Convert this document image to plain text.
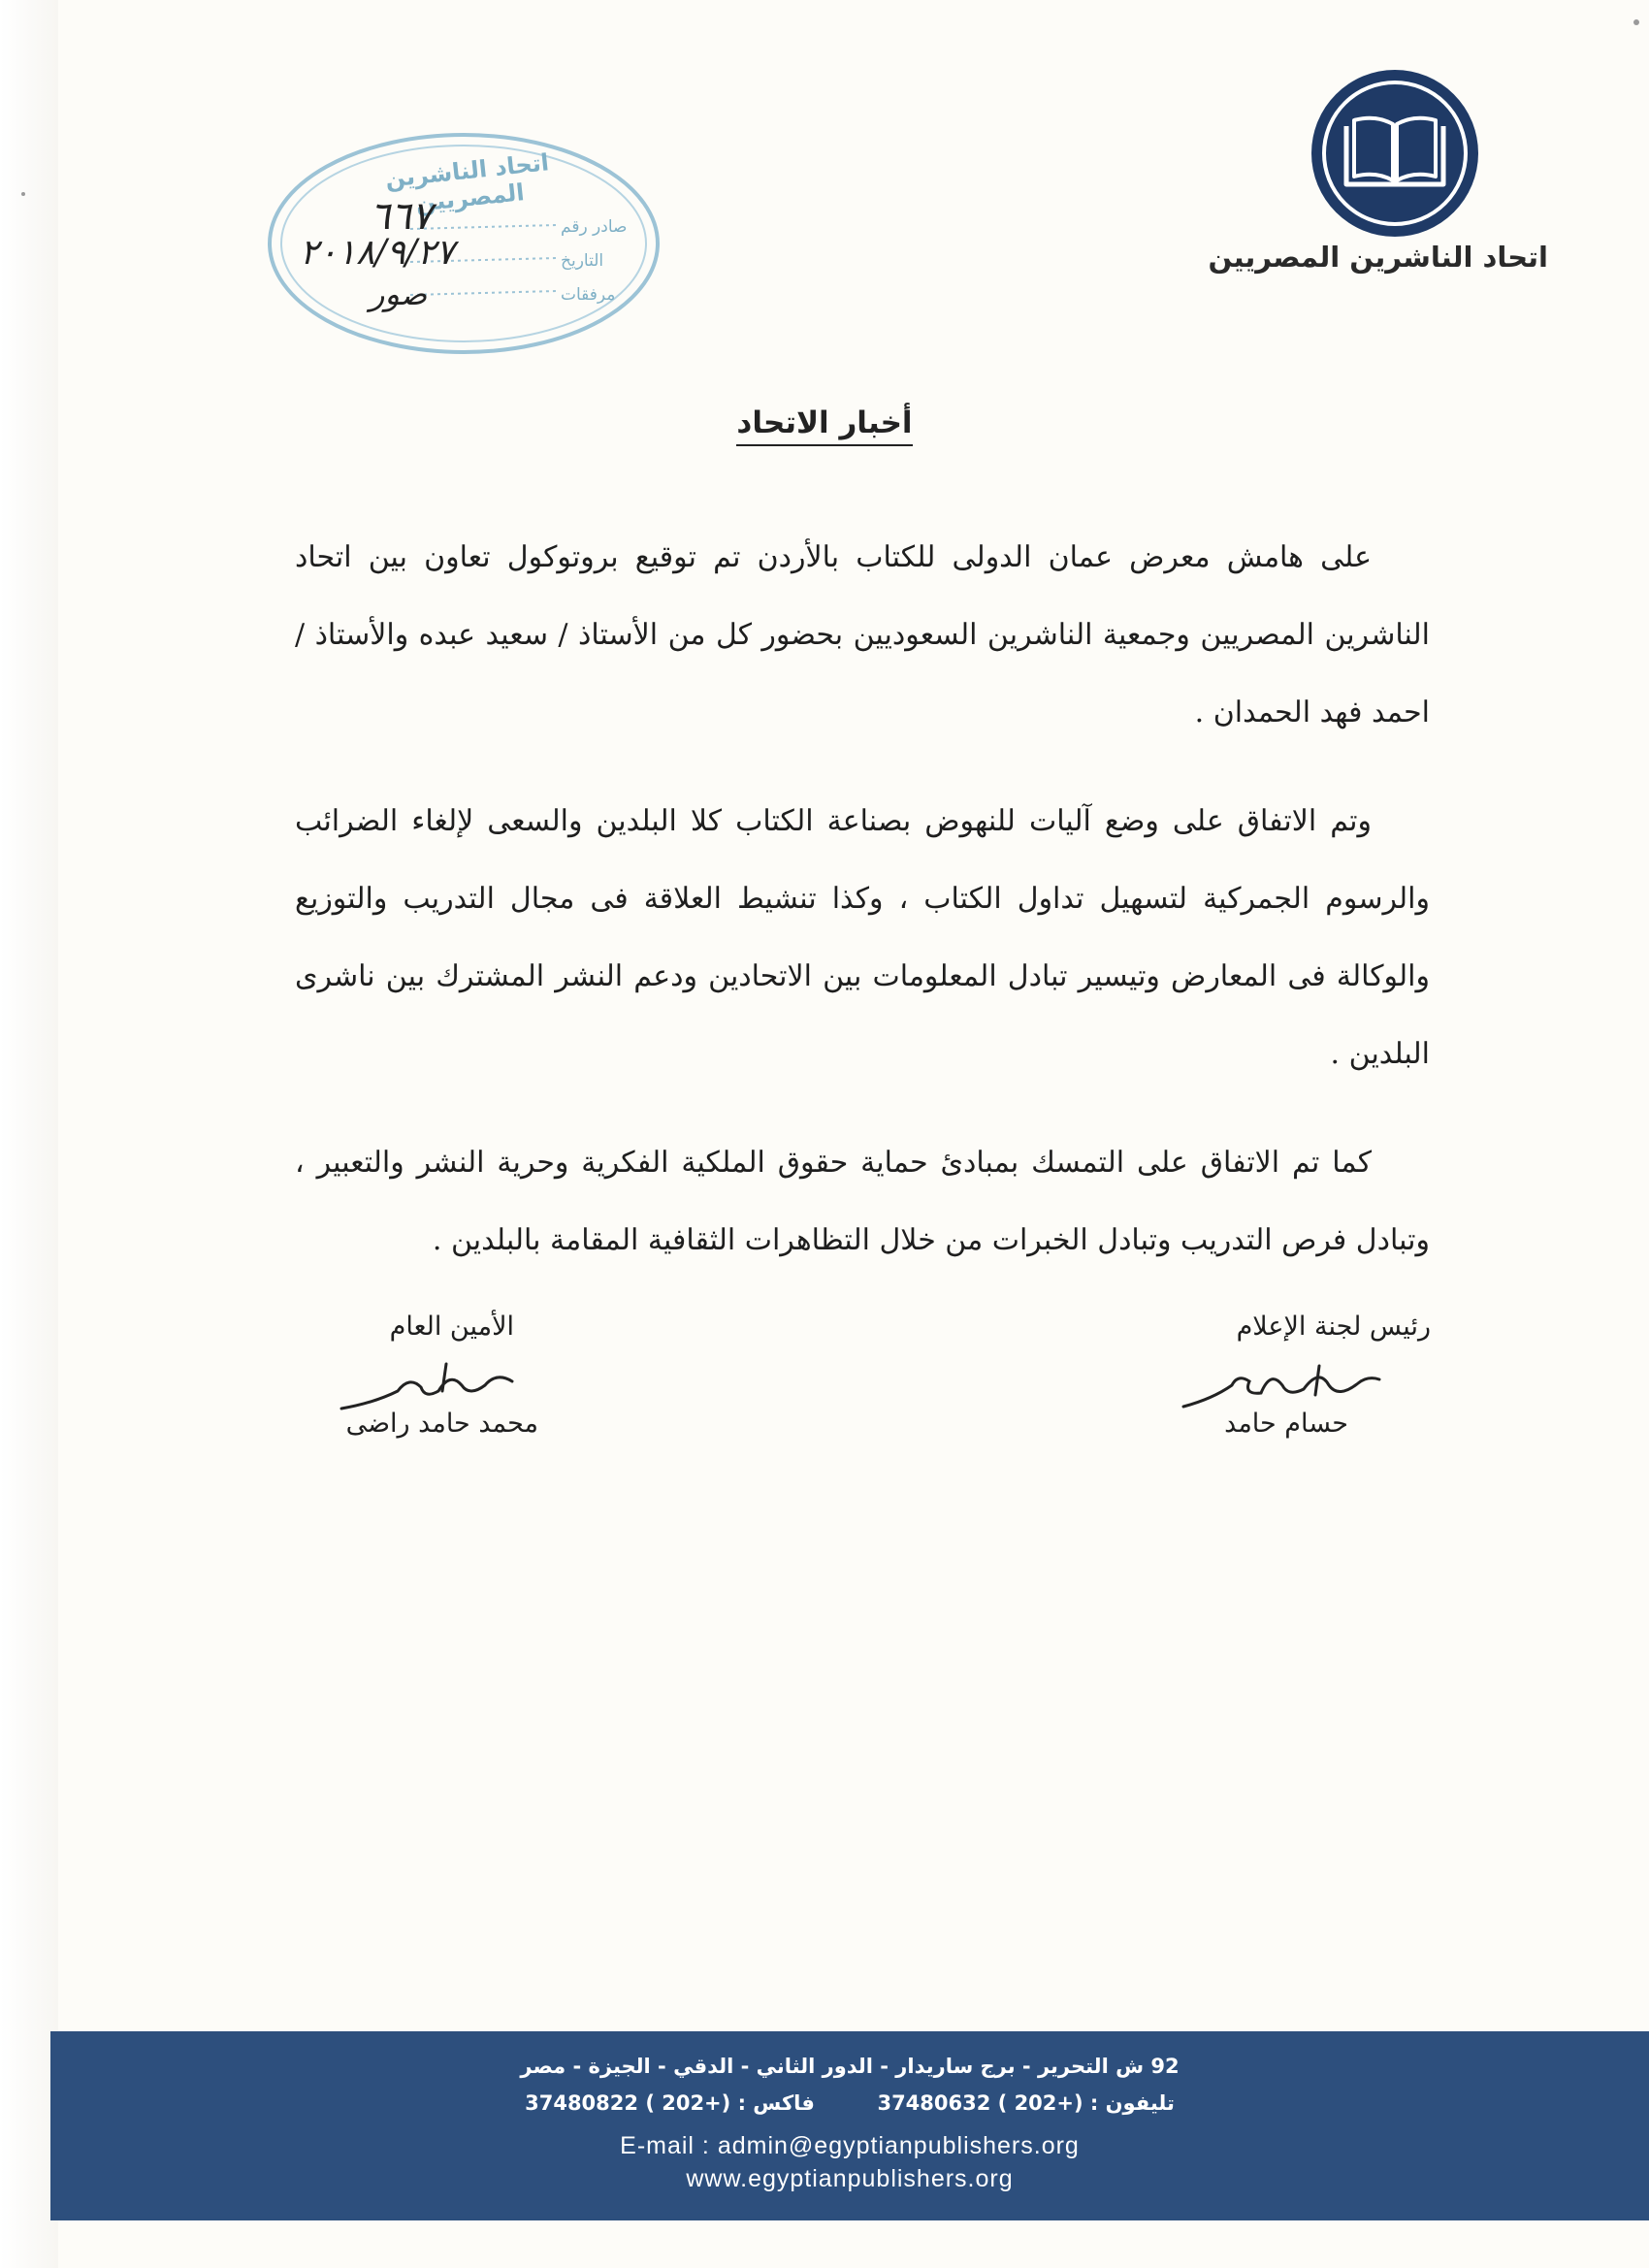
اتحاد الناشرين المصريين
اتحاد الناشرين المصريين
صادر رقم
التاريخ
مرفقات
٦٦٧
٢٠١٨/٩/٢٧
صور
أخبار الاتحاد

على هامش معرض عمان الدولى للكتاب بالأردن تم توقيع بروتوكول تعاون بين اتحاد الناشرين المصريين وجمعية الناشرين السعوديين بحضور كل من الأستاذ / سعيد عبده والأستاذ / احمد فهد الحمدان .

وتم الاتفاق على وضع آليات للنهوض بصناعة الكتاب كلا البلدين والسعى لإلغاء الضرائب والرسوم الجمركية لتسهيل تداول الكتاب ، وكذا تنشيط العلاقة فى مجال التدريب والتوزيع والوكالة فى المعارض وتيسير تبادل المعلومات بين الاتحادين ودعم النشر المشترك بين ناشرى البلدين .

كما تم الاتفاق على التمسك بمبادئ حماية حقوق الملكية الفكرية وحرية النشر والتعبير ، وتبادل فرص التدريب وتبادل الخبرات من خلال التظاهرات الثقافية المقامة بالبلدين .

رئيس لجنة الإعلام
حسام حامد
الأمين العام
محمد حامد راضى
92 ش التحرير - برج ساريدار - الدور الثاني - الدقي - الجيزة - مصر
تليفون : 37480632 ( 202+)  فاكس : 37480822 ( 202+)
E-mail : admin@egyptianpublishers.org
www.egyptianpublishers.org
